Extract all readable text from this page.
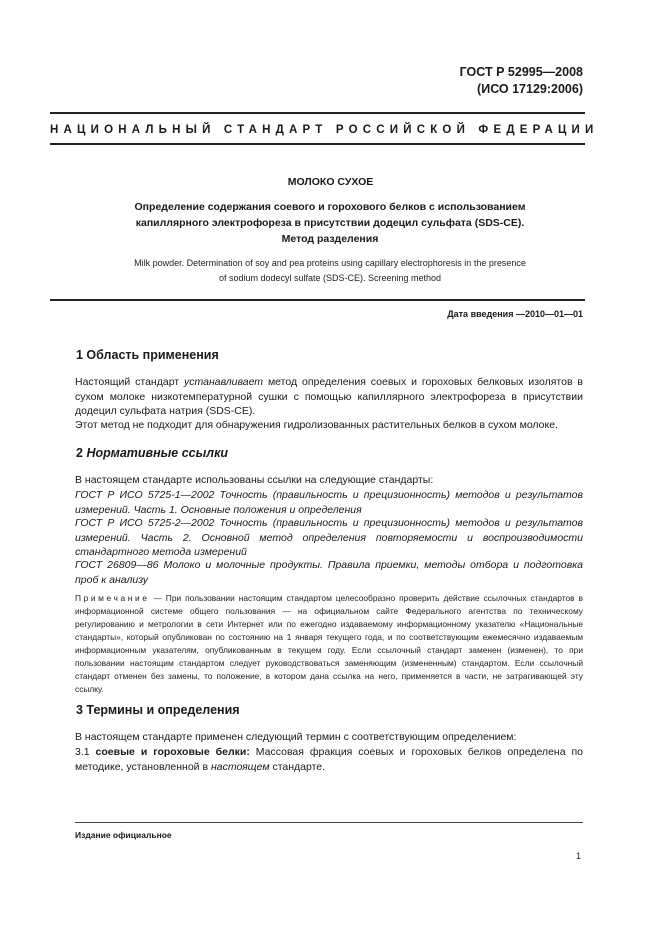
ГОСТ Р 52995—2008
(ИСО 17129:2006)
НАЦИОНАЛЬНЫЙ СТАНДАРТ РОССИЙСКОЙ ФЕДЕРАЦИИ
МОЛОКО СУХОЕ
Определение содержания соевого и горохового белков с использованием
капиллярного электрофореза в присутствии додецил сульфата (SDS-CE).
Метод разделения
Milk powder. Determination of soy and pea proteins using capillary electrophoresis in the presence
of sodium dodecyl sulfate (SDS-CE). Screening method
Дата введения —2010—01—01
1 Область применения
Настоящий стандарт устанавливает метод определения соевых и гороховых белковых изолятов в сухом молоке низкотемпературной сушки с помощью капиллярного электрофореза в присутствии додецил сульфата натрия (SDS-CE).
Этот метод не подходит для обнаружения гидролизованных растительных белков в сухом молоке.
2 Нормативные ссылки
В настоящем стандарте использованы ссылки на следующие стандарты:
ГОСТ Р ИСО 5725-1—2002 Точность (правильность и прецизионность) методов и результатов измерений. Часть 1. Основные положения и определения
ГОСТ Р ИСО 5725-2—2002 Точность (правильность и прецизионность) методов и результатов измерений. Часть 2. Основной метод определения повторяемости и воспроизводимости стандартного метода измерений
ГОСТ 26809—86 Молоко и молочные продукты. Правила приемки, методы отбора и подготовка проб к анализу
Примечание — При пользовании настоящим стандартом целесообразно проверить действие ссылочных стандартов в информационной системе общего пользования — на официальном сайте Федерального агентства по техническому регулированию и метрологии в сети Интернет или по ежегодно издаваемому информационному указателю «Национальные стандарты», который опубликован по состоянию на 1 января текущего года, и по соответствующим ежемесячно издаваемым информационным указателям, опубликованным в текущем году. Если ссылочный стандарт заменен (изменен), то при пользовании настоящим стандартом следует руководствоваться заменяющим (измененным) стандартом. Если ссылочный стандарт отменен без замены, то положение, в котором дана ссылка на него, применяется в части, не затрагивающей эту ссылку.
3 Термины и определения
В настоящем стандарте применен следующий термин с соответствующим определением:
3.1 соевые и гороховые белки: Массовая фракция соевых и гороховых белков определена по методике, установленной в настоящем стандарте.
Издание официальное
1
